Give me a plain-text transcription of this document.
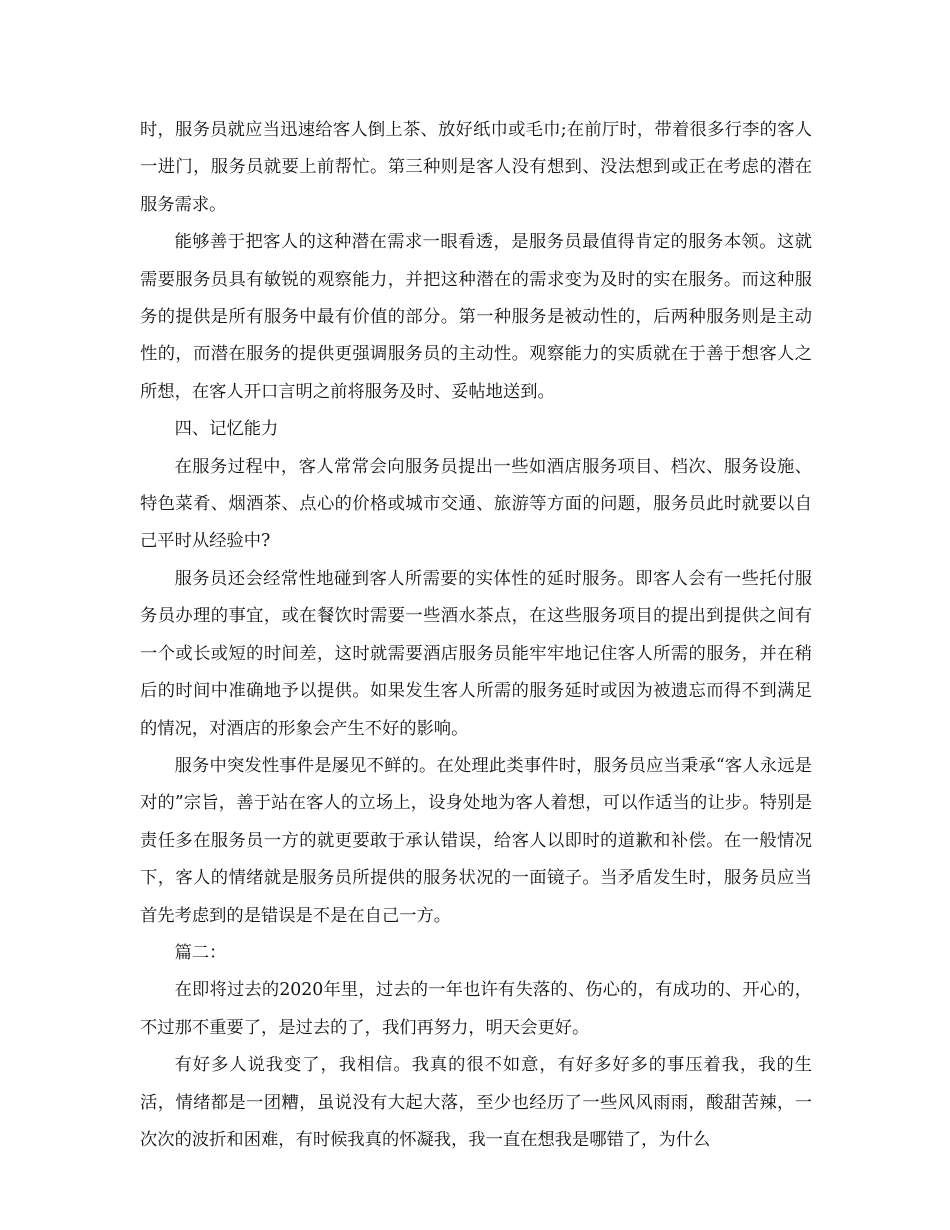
时，服务员就应当迅速给客人倒上茶、放好纸巾或毛巾;在前厅时，带着很多行李的客人一进门，服务员就要上前帮忙。第三种则是客人没有想到、没法想到或正在考虑的潜在服务需求。

能够善于把客人的这种潜在需求一眼看透，是服务员最值得肯定的服务本领。这就需要服务员具有敏锐的观察能力，并把这种潜在的需求变为及时的实在服务。而这种服务的提供是所有服务中最有价值的部分。第一种服务是被动性的，后两种服务则是主动性的，而潜在服务的提供更强调服务员的主动性。观察能力的实质就在于善于想客人之所想，在客人开口言明之前将服务及时、妥帖地送到。

四、记忆能力

在服务过程中，客人常常会向服务员提出一些如酒店服务项目、档次、服务设施、特色菜肴、烟酒茶、点心的价格或城市交通、旅游等方面的问题，服务员此时就要以自己平时从经验中?

服务员还会经常性地碰到客人所需要的实体性的延时服务。即客人会有一些托付服务员办理的事宜，或在餐饮时需要一些酒水茶点，在这些服务项目的提出到提供之间有一个或长或短的时间差，这时就需要酒店服务员能牢牢地记住客人所需的服务，并在稍后的时间中准确地予以提供。如果发生客人所需的服务延时或因为被遗忘而得不到满足的情况，对酒店的形象会产生不好的影响。

服务中突发性事件是屡见不鲜的。在处理此类事件时，服务员应当秉承“客人永远是对的”宗旨，善于站在客人的立场上，设身处地为客人着想，可以作适当的让步。特别是责任多在服务员一方的就更要敢于承认错误，给客人以即时的道歉和补偿。在一般情况下，客人的情绪就是服务员所提供的服务状况的一面镜子。当矛盾发生时，服务员应当首先考虑到的是错误是不是在自己一方。

篇二：

在即将过去的2020年里，过去的一年也许有失落的、伤心的，有成功的、开心的，不过那不重要了，是过去的了，我们再努力，明天会更好。

有好多人说我变了，我相信。我真的很不如意，有好多好多的事压着我，我的生活，情绪都是一团糟，虽说没有大起大落，至少也经历了一些风风雨雨，酸甜苦辣，一次次的波折和困难，有时候我真的怀凝我，我一直在想我是哪错了，为什么
